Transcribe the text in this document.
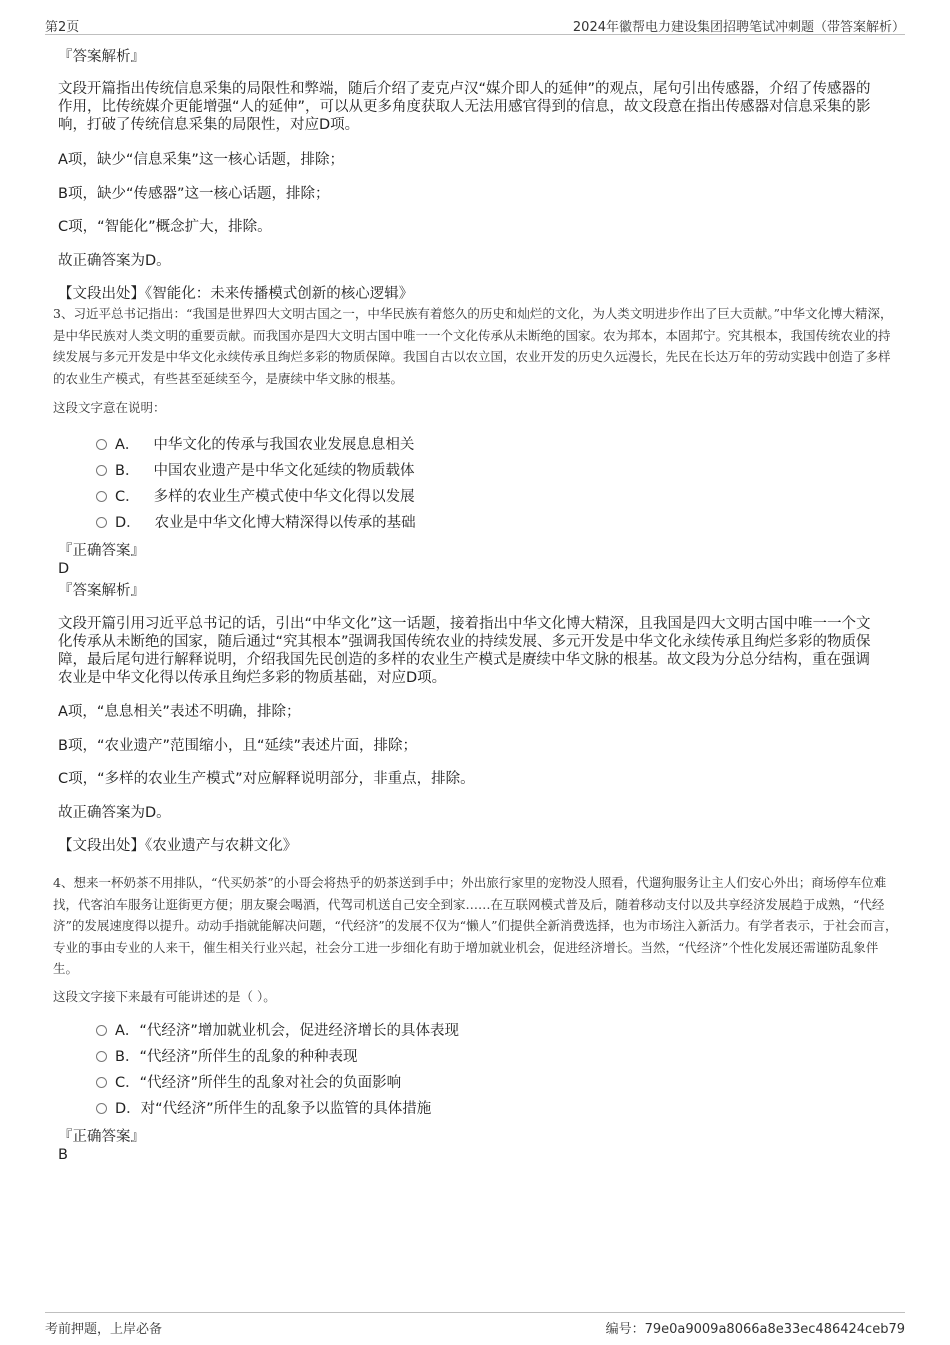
第2页	2024年徽帮电力建设集团招聘笔试冲刺题（带答案解析）

『答案解析』

文段开篇指出传统信息采集的局限性和弊端，随后介绍了麦克卢汉“媒介即人的延伸”的观点，尾句引出传感器，介绍了传感器的作用，比传统媒介更能增强“人的延伸”，可以从更多角度获取人无法用感官得到的信息，故文段意在指出传感器对信息采集的影响，打破了传统信息采集的局限性，对应D项。

A项，缺少“信息采集”这一核心话题，排除；

B项，缺少“传感器”这一核心话题，排除；

C项，“智能化”概念扩大，排除。

故正确答案为D。

【文段出处】《智能化：未来传播模式创新的核心逻辑》

3、习近平总书记指出：“我国是世界四大文明古国之一，中华民族有着悠久的历史和灿烂的文化，为人类文明进步作出了巨大贡献。”中华文化博大精深，是中华民族对人类文明的重要贡献。而我国亦是四大文明古国中唯一一个文化传承从未断绝的国家。农为邦本，本固邦宁。究其根本，我国传统农业的持续发展与多元开发是中华文化永续传承且绚烂多彩的物质保障。我国自古以农立国，农业开发的历史久远漫长，先民在长达万年的劳动实践中创造了多样的农业生产模式，有些甚至延续至今，是赓续中华文脉的根基。

这段文字意在说明：

A． 中华文化的传承与我国农业发展息息相关
B． 中国农业遗产是中华文化延续的物质载体
C． 多样的农业生产模式使中华文化得以发展
D． 农业是中华文化博大精深得以传承的基础

『正确答案』

D

『答案解析』

文段开篇引用习近平总书记的话，引出“中华文化”这一话题，接着指出中华文化博大精深，且我国是四大文明古国中唯一一个文化传承从未断绝的国家，随后通过“究其根本”强调我国传统农业的持续发展、多元开发是中华文化永续传承且绚烂多彩的物质保障，最后尾句进行解释说明，介绍我国先民创造的多样的农业生产模式是赓续中华文脉的根基。故文段为分总分结构，重在强调农业是中华文化得以传承且绚烂多彩的物质基础，对应D项。

A项，“息息相关”表述不明确，排除；

B项，“农业遗产”范围缩小，且“延续”表述片面，排除；

C项，“多样的农业生产模式”对应解释说明部分，非重点，排除。

故正确答案为D。

【文段出处】《农业遗产与农耕文化》

4、想来一杯奶茶不用排队，“代买奶茶”的小哥会将热乎的奶茶送到手中；外出旅行家里的宠物没人照看，代遛狗服务让主人们安心外出；商场停车位难找，代客泊车服务让逛街更方便；朋友聚会喝酒，代驾司机送自己安全到家……在互联网模式普及后，随着移动支付以及共享经济发展趋于成熟，“代经济”的发展速度得以提升。动动手指就能解决问题，“代经济”的发展不仅为“懒人”们提供全新消费选择，也为市场注入新活力。有学者表示，于社会而言，专业的事由专业的人来干，催生相关行业兴起，社会分工进一步细化有助于增加就业机会，促进经济增长。当然，“代经济”个性化发展还需谨防乱象伴生。

这段文字接下来最有可能讲述的是（ ）。

A．“代经济”增加就业机会，促进经济增长的具体表现
B．“代经济”所伴生的乱象的种种表现
C．“代经济”所伴生的乱象对社会的负面影响
D．对“代经济”所伴生的乱象予以监管的具体措施

『正确答案』

B

考前押题，上岸必备	编号：79e0a9009a8066a8e33ec486424ceb79
